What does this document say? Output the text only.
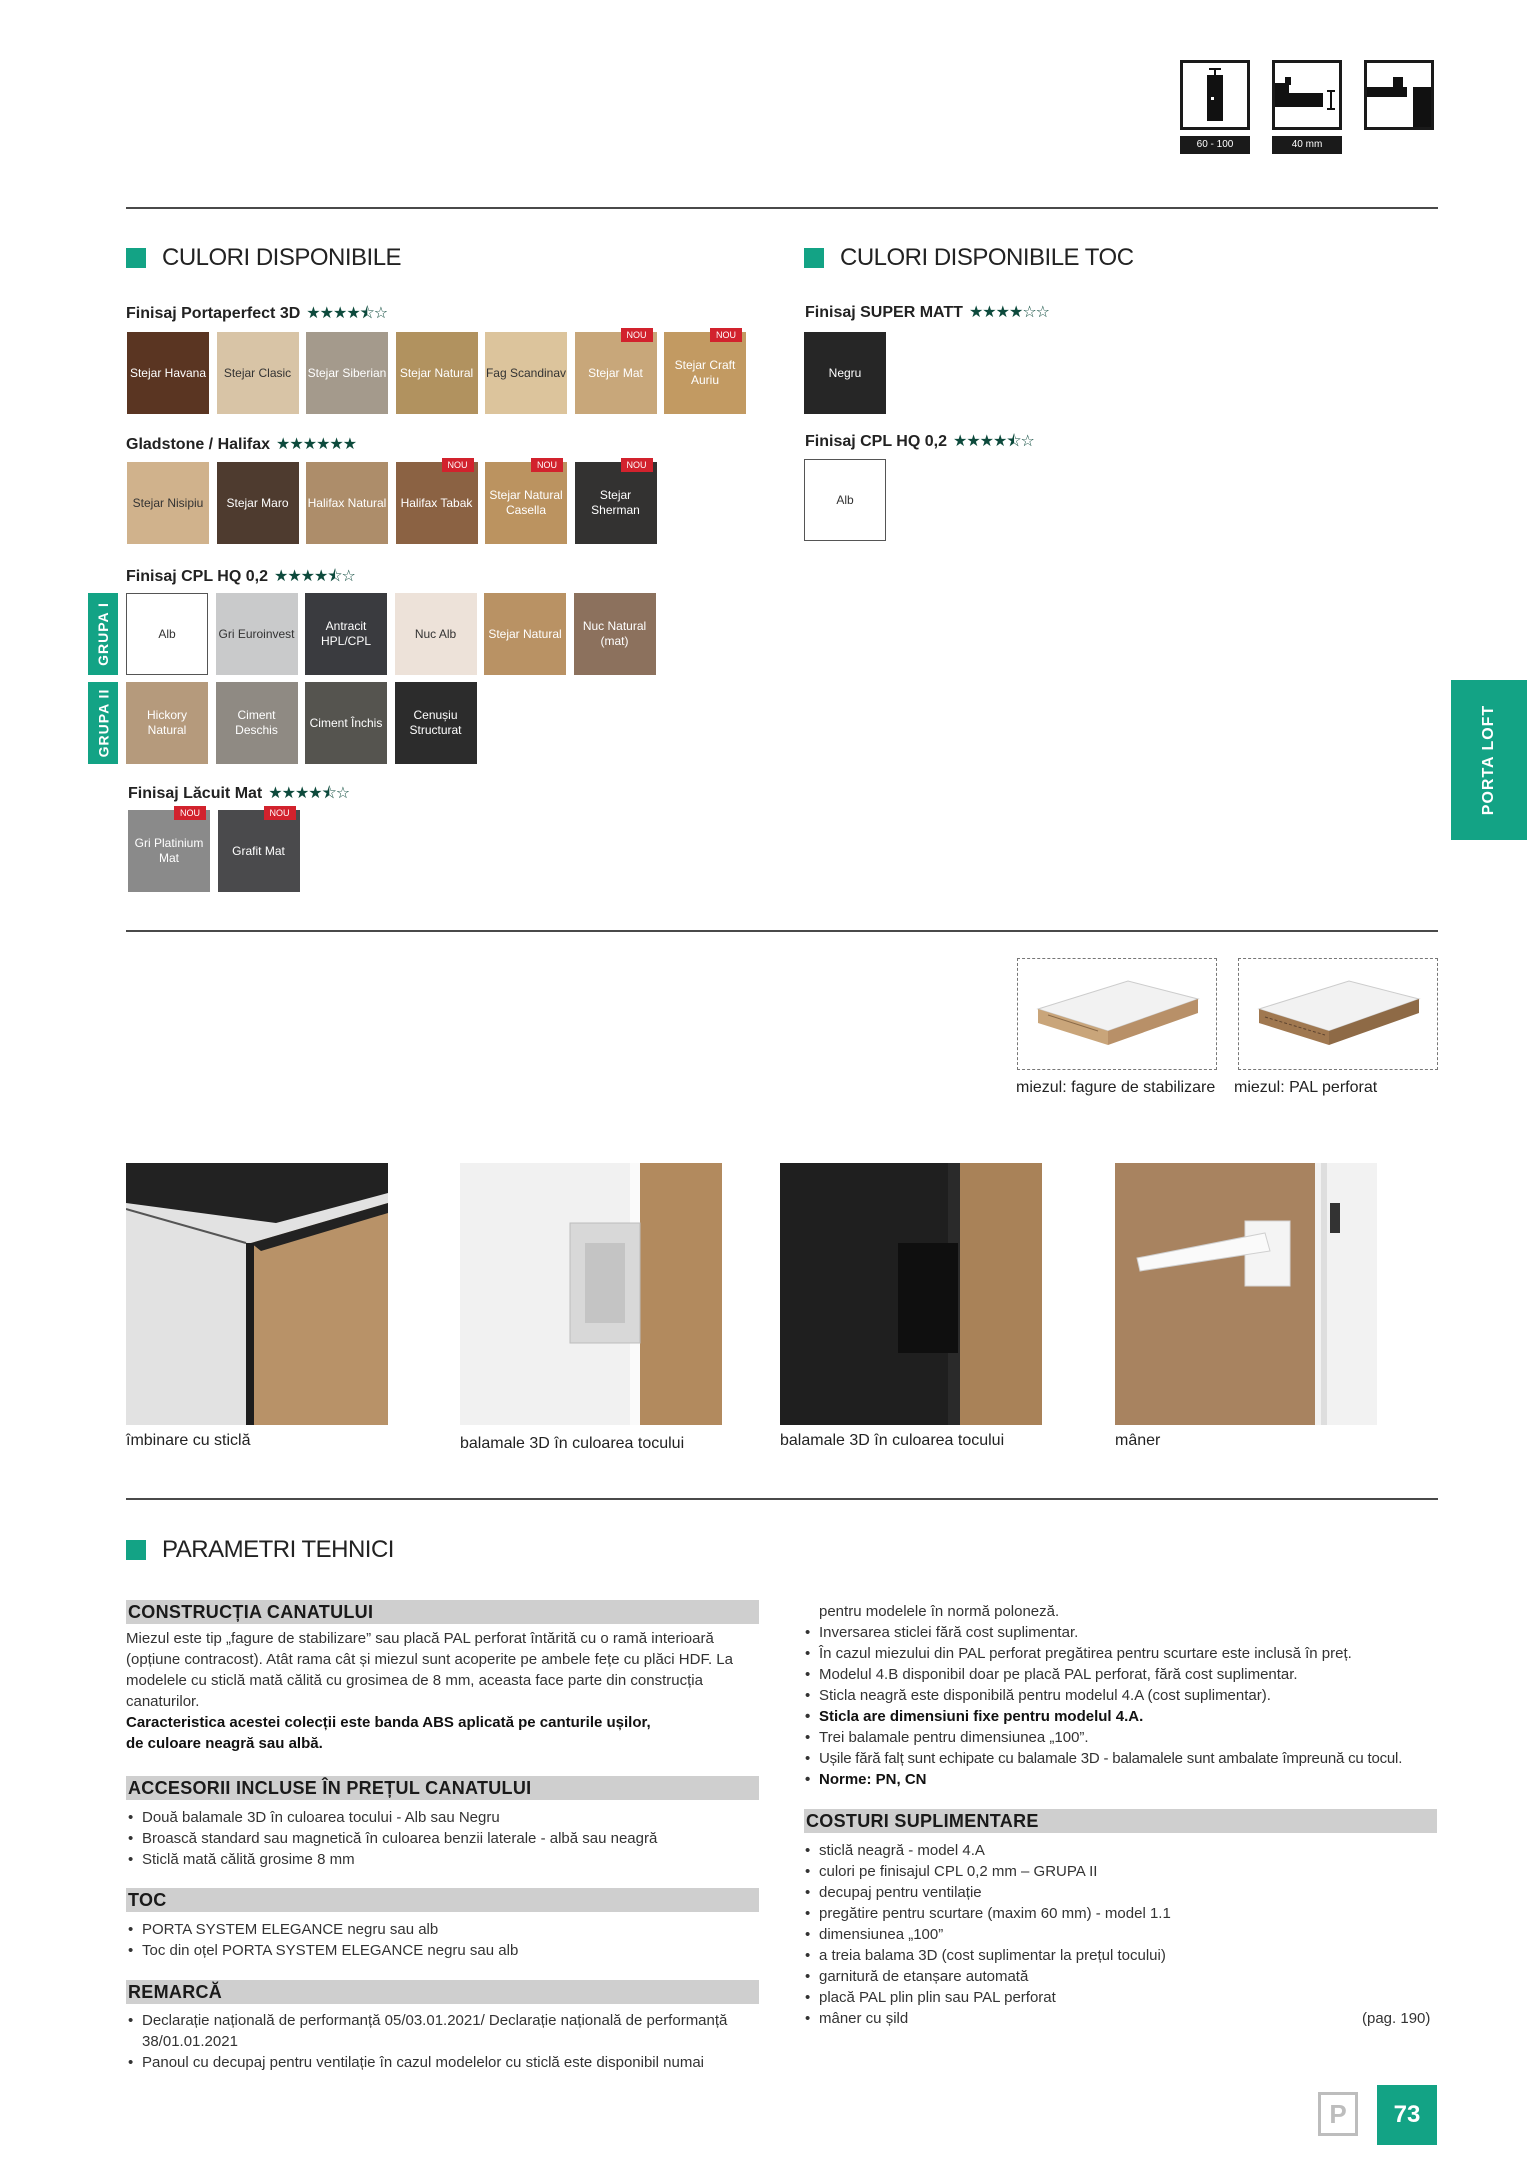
60 - 100	40 mm
CULORI DISPONIBILE
Finisaj Portaperfect 3D ★★★★⯪☆
Gladstone / Halifax ★★★★★★
Finisaj CPL HQ 0,2 ★★★★⯪☆
GRUPA I
GRUPA II
Finisaj Lăcuit Mat ★★★★⯪☆
CULORI DISPONIBILE TOC
Finisaj SUPER MATT ★★★★☆☆
Finisaj CPL HQ 0,2 ★★★★⯪☆
Stejar Havana Stejar Clasic Stejar Siberian Stejar Natural Fag Scandinav Stejar Mat
NOU
Stejar Craft Auriu
NOU
Stejar Nisipiu Stejar Maro Halifax Natural Halifax Tabak
NOU
Stejar Natural Casella
NOU
Stejar Sherman
NOU
Alb	Gri Euroinvest
Antracit HPL/CPL
Nuc Alb	Stejar Natural
Nuc Natural (mat)
Hickory Natural
Ciment Deschis
Ciment Închis
Cenușiu Structurat
Gri Platinium Mat
NOU
Grafit Mat
NOU
Negru
Alb
PORTA LOFT
miezul: fagure de stabilizare miezul: PAL perforat
îmbinare cu sticlă	balamale 3D în culoarea tocului	balamale 3D în culoarea tocului	mâner
PARAMETRI TEHNICI
CONSTRUCȚIA CANATULUI
Miezul este tip „fagure de stabilizare” sau placă PAL perforat întărită cu o ramă interioară (opțiune contracost). Atât rama cât și miezul sunt acoperite pe ambele fețe cu plăci HDF. La modelele cu sticlă mată călită cu grosimea de 8 mm, aceasta face parte din construcția canaturilor.
Caracteristica acestei colecții este banda ABS aplicată pe canturile ușilor,
de culoare neagră sau albă.
ACCESORII INCLUSE ÎN PREȚUL CANATULUI
• Două balamale 3D în culoarea tocului - Alb sau Negru
• Broască standard sau magnetică în culoarea benzii laterale - albă sau neagră
• Sticlă mată călită grosime 8 mm
TOC
• PORTA SYSTEM ELEGANCE negru sau alb
• Toc din oțel PORTA SYSTEM ELEGANCE negru sau alb
REMARCĂ
• Declarație națională de performanță 05/03.01.2021/ Declarație națională de performanță 38/01.01.2021
• Panoul cu decupaj pentru ventilație în cazul modelelor cu sticlă este disponibil numai
pentru modelele în normă poloneză.
• Inversarea sticlei fără cost suplimentar.
• În cazul miezului din PAL perforat pregătirea pentru scurtare este inclusă în preț.
• Modelul 4.B disponibil doar pe placă PAL perforat, fără cost suplimentar.
• Sticla neagră este disponibilă pentru modelul 4.A (cost suplimentar).
• Sticla are dimensiuni fixe pentru modelul 4.A.
• Trei balamale pentru dimensiunea „100”.
• Ușile fără falț sunt echipate cu balamale 3D - balamalele sunt ambalate împreună cu tocul.
• Norme: PN, CN
COSTURI SUPLIMENTARE
• sticlă neagră - model 4.A
• culori pe finisajul CPL 0,2 mm – GRUPA II
• decupaj pentru ventilație
• pregătire pentru scurtare (maxim 60 mm) - model 1.1
• dimensiunea „100”
• a treia balama 3D (cost suplimentar la prețul tocului)
• garnitură de etanșare automată
• placă PAL plin plin sau PAL perforat
• mâner cu șild	(pag. 190)
P	73
